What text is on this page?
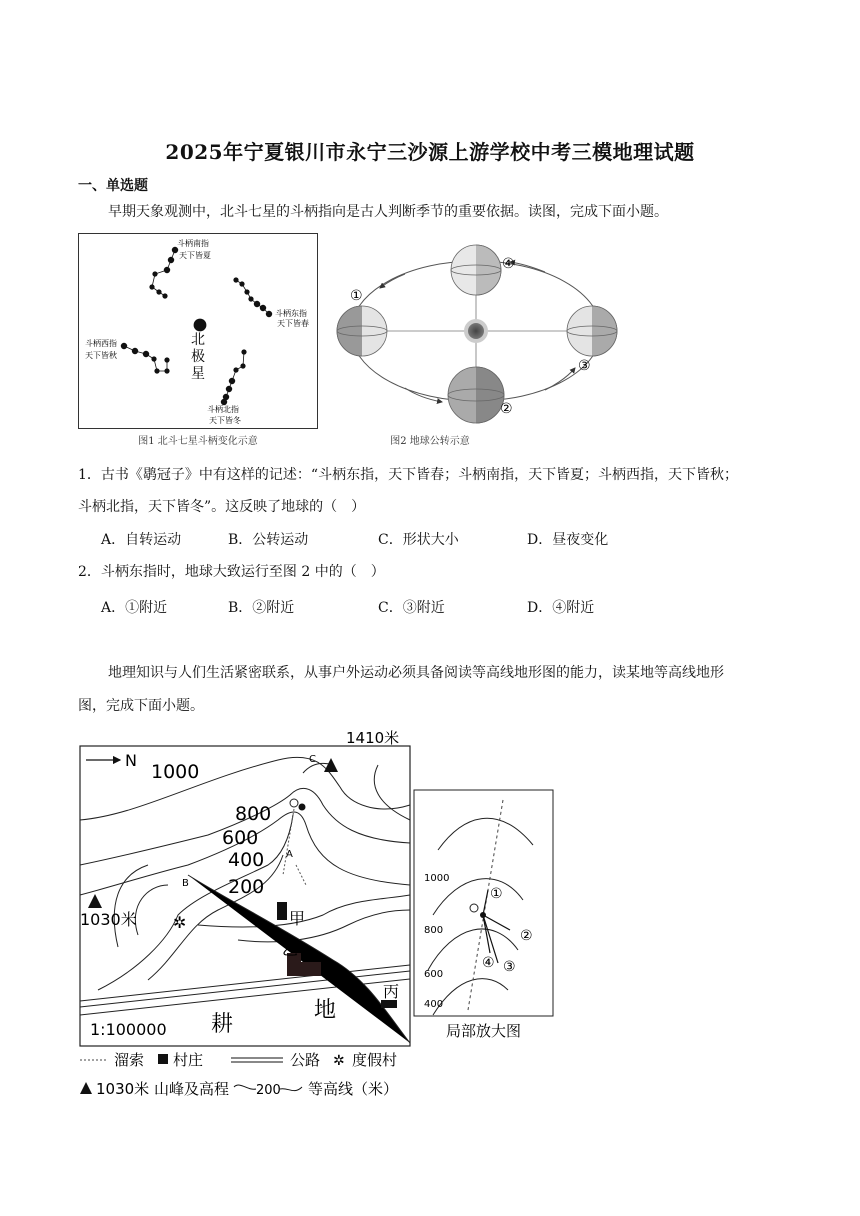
2025年宁夏银川市永宁三沙源上游学校中考三模地理试题
一、单选题
早期天象观测中，北斗七星的斗柄指向是古人判断季节的重要依据。读图，完成下面小题。
斗柄南指
天下皆夏
斗柄东指
天下皆春
斗柄西指
天下皆秋
斗柄北指
天下皆冬
北
极
星
图1 北斗七星斗柄变化示意
④
①
②
③
图2 地球公转示意
1．古书《鹖冠子》中有这样的记述：“斗柄东指，天下皆春；斗柄南指，天下皆夏；斗柄西指，天下皆秋；
斗柄北指，天下皆冬”。这反映了地球的（　）
A．自转运动	B．公转运动	C．形状大小	D．昼夜变化
2．斗柄东指时，地球大致运行至图 2 中的（　）
A．①附近	B．②附近	C．③附近	D．④附近
地理知识与人们生活紧密联系，从事户外运动必须具备阅读等高线地形图的能力，读某地等高线地形
图，完成下面小题。
N
✲
1410米
C
1000
800
600
400
200
A
B
1030米	甲
乙
丙
耕
地
1:100000
溜索 村庄	公路 ✲ 度假村
1030米 山峰及高程 200 等高线（米）
1000
800
600
400
①
②
③
④
局部放大图
